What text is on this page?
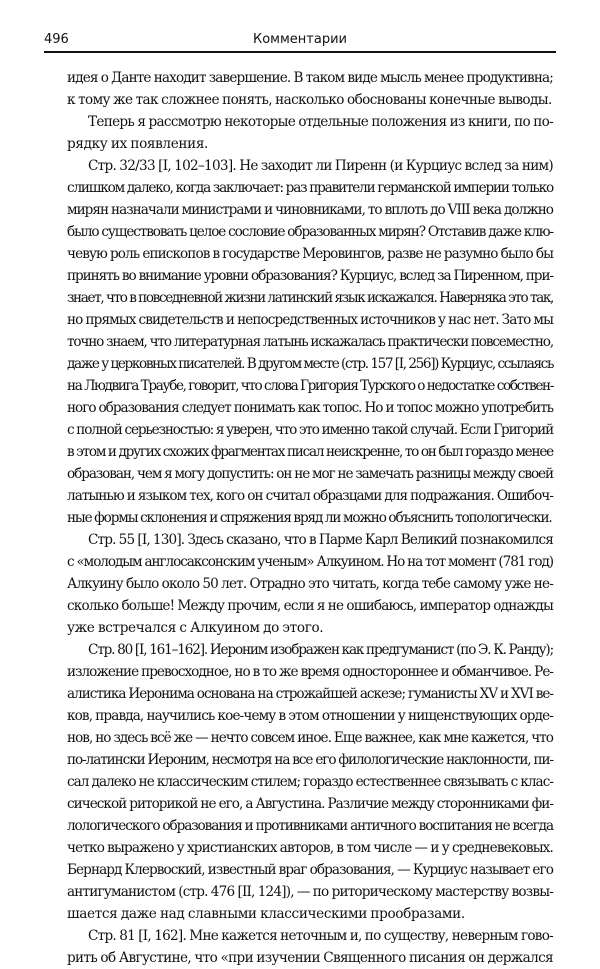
496	Комментарии
идея о Данте находит завершение. В таком виде мысль менее продуктивна;
к тому же так сложнее понять, насколько обоснованы конечные выводы.
Теперь я рассмотрю некоторые отдельные положения из книги, по по-
рядку их появления.
Стр. 32/33 [I, 102–103]. Не заходит ли Пиренн (и Курциус вслед за ним)
слишком далеко, когда заключает: раз правители германской империи только
мирян назначали министрами и чиновниками, то вплоть до VIII века должно
было существовать целое сословие образованных мирян? Отставив даже клю-
чевую роль епископов в государстве Меровингов, разве не разумно было бы
принять во внимание уровни образования? Курциус, вслед за Пиренном, при-
знает, что в повседневной жизни латинский язык искажался. Наверняка это так,
но прямых свидетельств и непосредственных источников у нас нет. Зато мы
точно знаем, что литературная латынь искажалась практически повсеместно,
даже у церковных писателей. В другом месте (стр. 157 [I, 256]) Курциус, ссылаясь
на Людвига Траубе, говорит, что слова Григория Турского о недостатке собствен-
ного образования следует понимать как топос. Но и топос можно употребить
с полной серьезностью: я уверен, что это именно такой случай. Если Григорий
в этом и других схожих фрагментах писал неискренне, то он был гораздо менее
образован, чем я могу допустить: он не мог не замечать разницы между своей
латынью и языком тех, кого он считал образцами для подражания. Ошибоч-
ные формы склонения и спряжения вряд ли можно объяснить топологически.
Стр. 55 [I, 130]. Здесь сказано, что в Парме Карл Великий познакомился
с «молодым англосаксонским ученым» Алкуином. Но на тот момент (781 год)
Алкуину было около 50 лет. Отрадно это читать, когда тебе самому уже не-
сколько больше! Между прочим, если я не ошибаюсь, император однажды
уже встречался с Алкуином до этого.
Стр. 80 [I, 161–162]. Иероним изображен как предгуманист (по Э. К. Ранду);
изложение превосходное, но в то же время одностороннее и обманчивое. Ре-
алистика Иеронима основана на строжайшей аскезе; гуманисты XV и XVI ве-
ков, правда, научились кое-чему в этом отношении у нищенствующих орде-
нов, но здесь всё же — нечто совсем иное. Еще важнее, как мне кажется, что
по-латински Иероним, несмотря на все его филологические наклонности, пи-
сал далеко не классическим стилем; гораздо естественнее связывать с клас-
сической риторикой не его, а Августина. Различие между сторонниками фи-
лологического образования и противниками античного воспитания не всегда
четко выражено у христианских авторов, в том числе — и у средневековых.
Бернард Клервоский, известный враг образования, — Курциус называет его
антигуманистом (стр. 476 [II, 124]), — по риторическому мастерству возвы-
шается даже над славными классическими прообразами.
Стр. 81 [I, 162]. Мне кажется неточным и, по существу, неверным гово-
рить об Августине, что «при изучении Священного писания он держался
